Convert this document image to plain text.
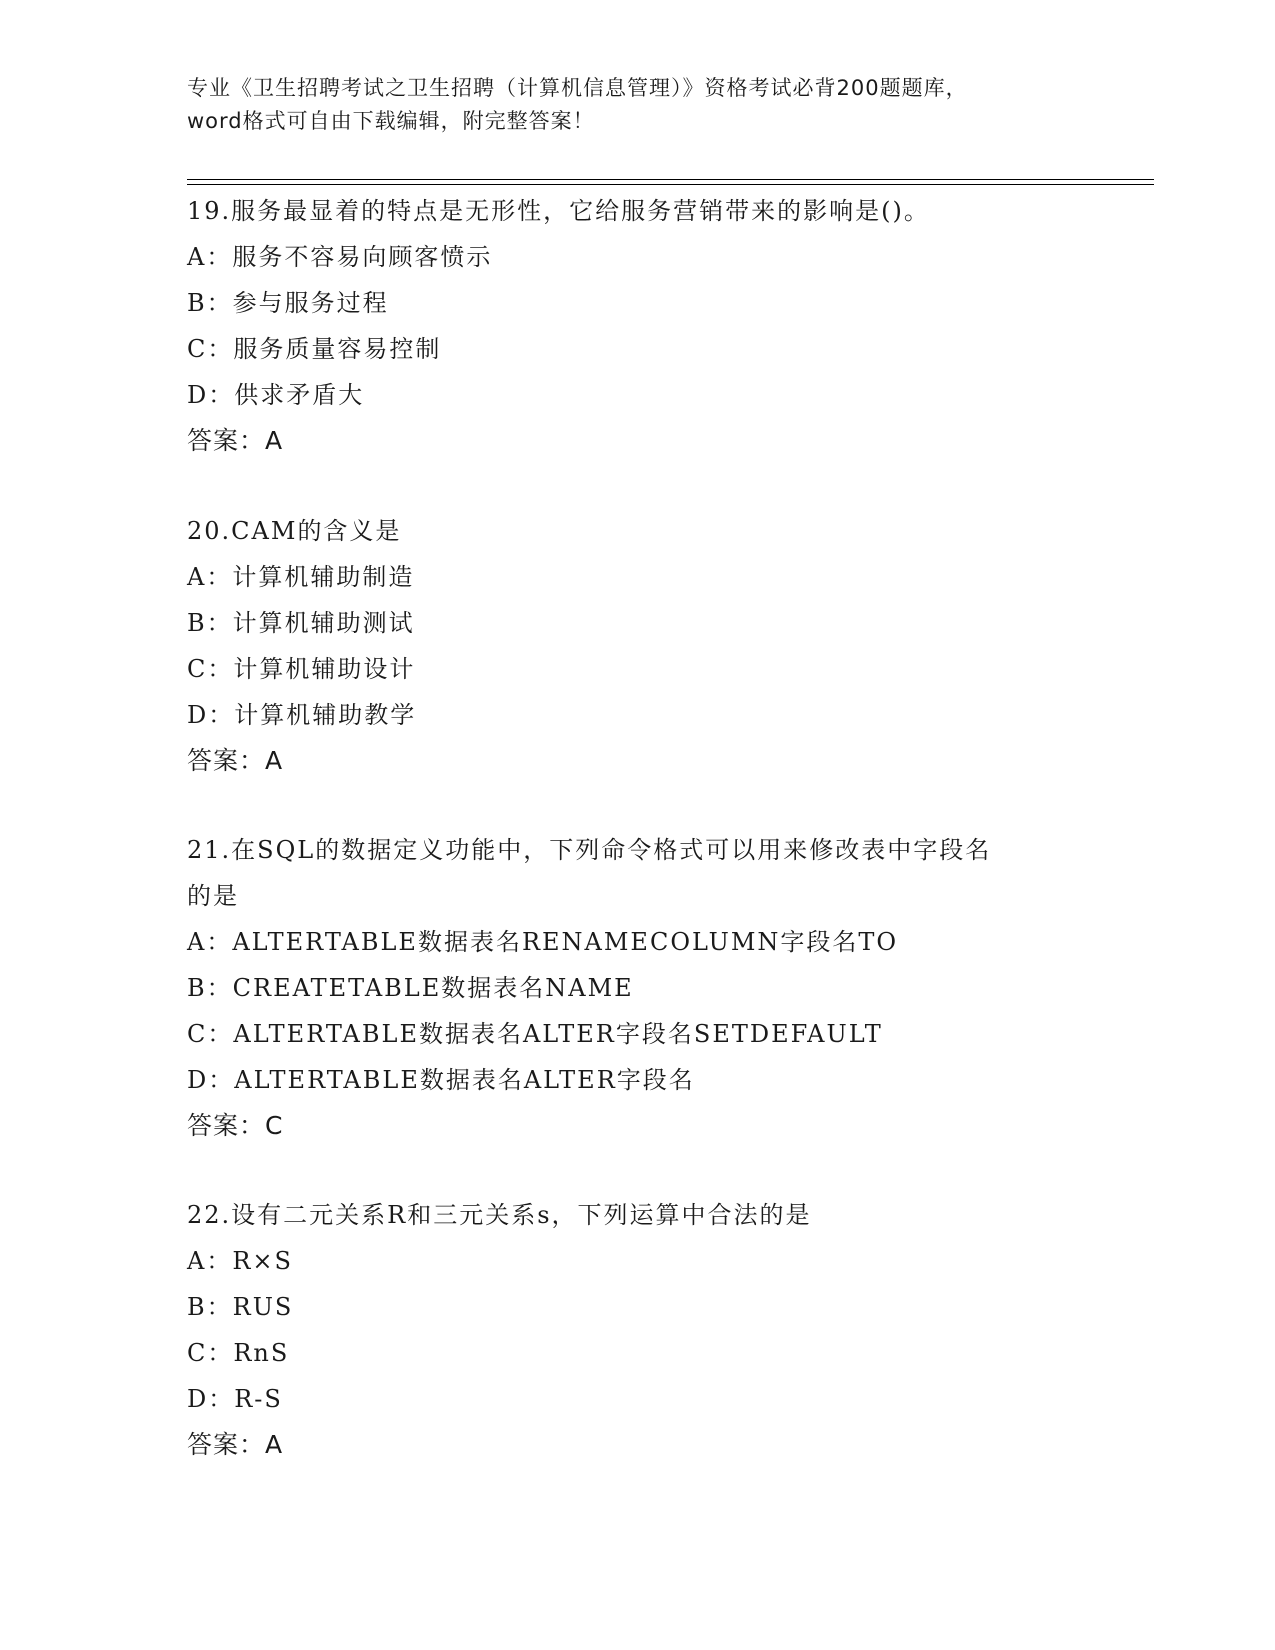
专业《卫生招聘考试之卫生招聘（计算机信息管理）》资格考试必背200题题库，
word格式可自由下载编辑，附完整答案！

19.服务最显着的特点是无形性，它给服务营销带来的影响是()。

A：服务不容易向顾客愤示

B：参与服务过程

C：服务质量容易控制

D：供求矛盾大

答案：A

20.CAM的含义是

A：计算机辅助制造

B：计算机辅助测试

C：计算机辅助设计

D：计算机辅助教学

答案：A

21.在SQL的数据定义功能中，下列命令格式可以用来修改表中字段名

的是

A：ALTERTABLE数据表名RENAMECOLUMN字段名TO

B：CREATETABLE数据表名NAME

C：ALTERTABLE数据表名ALTER字段名SETDEFAULT

D：ALTERTABLE数据表名ALTER字段名

答案：C

22.设有二元关系R和三元关系s，下列运算中合法的是

A：R×S

B：RUS

C：RnS

D：R-S

答案：A
